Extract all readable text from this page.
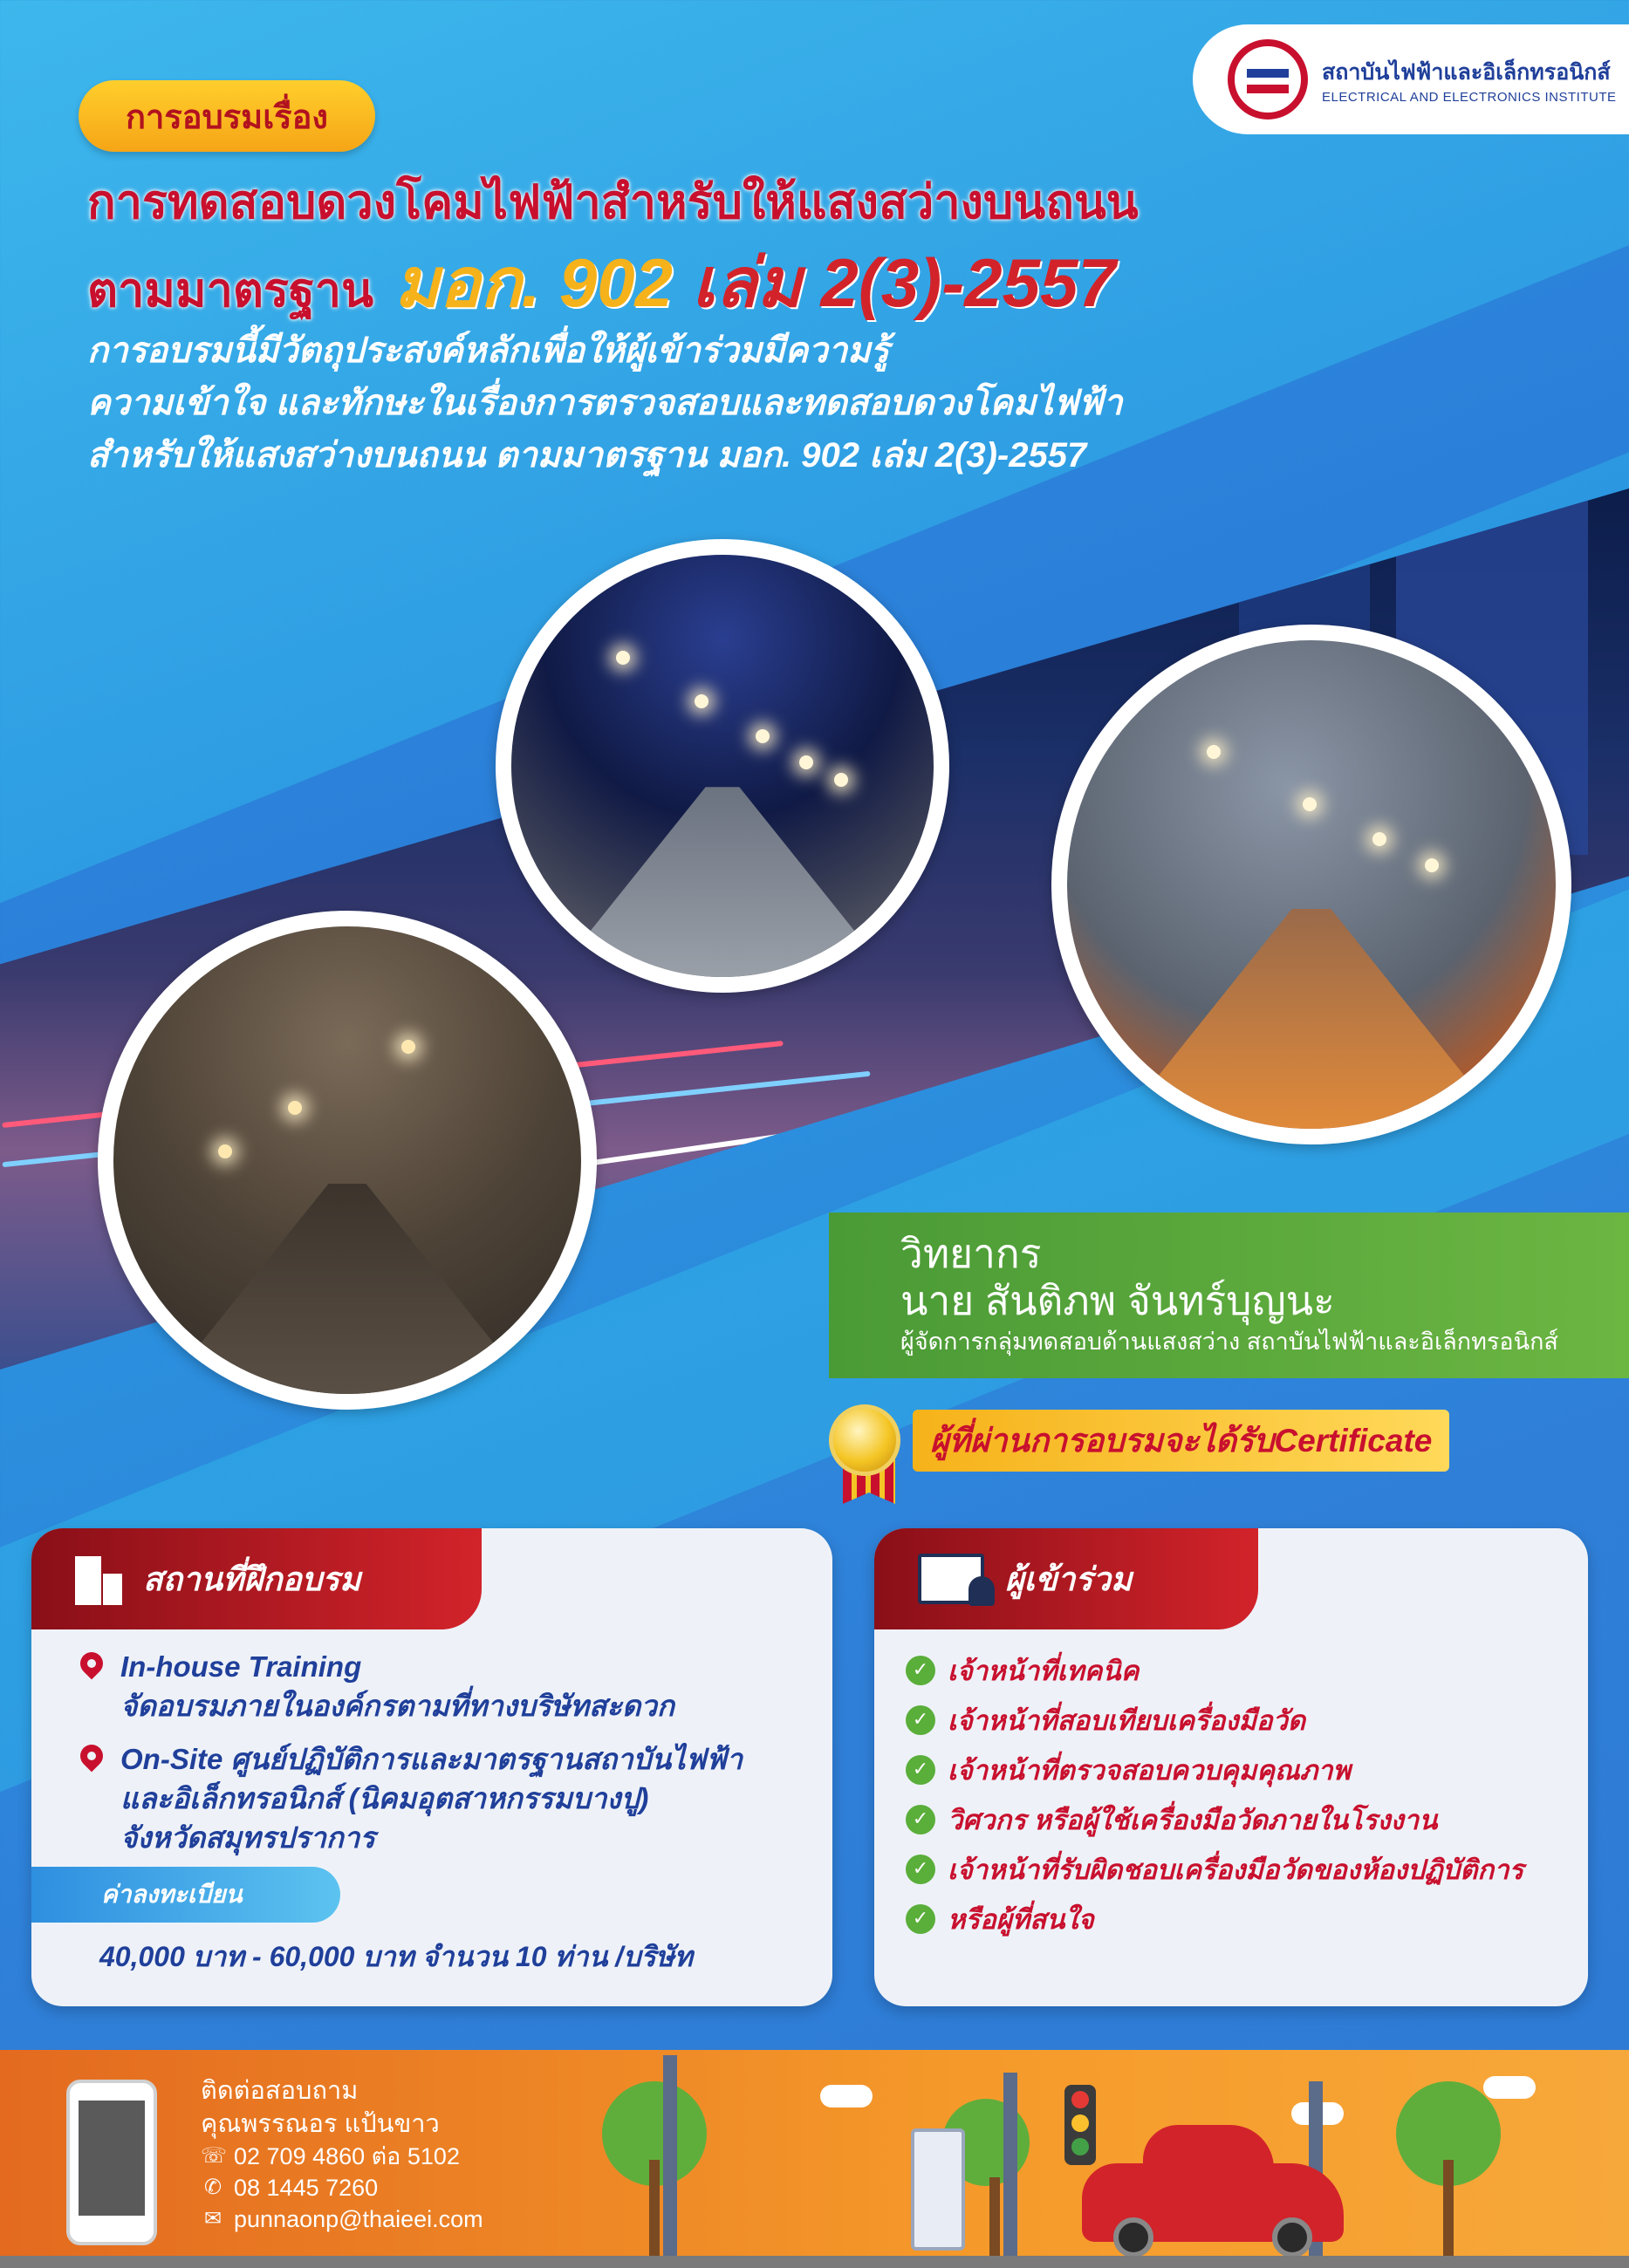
สถาบันไฟฟ้าและอิเล็กทรอนิกส์
ELECTRICAL AND ELECTRONICS INSTITUTE
การอบรมเรื่อง
การทดสอบดวงโคมไฟฟ้าสำหรับให้แสงสว่างบนถนน
ตามมาตรฐาน มอก. 902 เล่ม 2(3)-2557

การอบรมนี้มีวัตถุประสงค์หลักเพื่อให้ผู้เข้าร่วมมีความรู้

ความเข้าใจ และทักษะในเรื่องการตรวจสอบและทดสอบดวงโคมไฟฟ้า

สำหรับให้แสงสว่างบนถนน ตามมาตรฐาน มอก. 902 เล่ม 2(3)-2557

วิทยากร
นาย สันติภพ จันทร์บุญนะ
ผู้จัดการกลุ่มทดสอบด้านแสงสว่าง สถาบันไฟฟ้าและอิเล็กทรอนิกส์
ผู้ที่ผ่านการอบรมจะได้รับCertificate
สถานที่ฝึกอบรม

In-house Training

จัดอบรมภายในองค์กรตามที่ทางบริษัทสะดวก

On-Site ศูนย์ปฏิบัติการและมาตรฐานสถาบันไฟฟ้า

และอิเล็กทรอนิกส์ (นิคมอุตสาหกรรมบางปู)

จังหวัดสมุทรปราการ

ค่าลงทะเบียน
40,000 บาท - 60,000 บาท จำนวน 10 ท่าน /บริษัท
ผู้เข้าร่วม
✓ เจ้าหน้าที่เทคนิค
✓ เจ้าหน้าที่สอบเทียบเครื่องมือวัด
✓ เจ้าหน้าที่ตรวจสอบควบคุมคุณภาพ
✓ วิศวกร หรือผู้ใช้เครื่องมือวัดภายในโรงงาน
✓ เจ้าหน้าที่รับผิดชอบเครื่องมือวัดของห้องปฏิบัติการ
✓ หรือผู้ที่สนใจ
ติดต่อสอบถาม
คุณพรรณอร แป้นขาว
☏ 02 709 4860 ต่อ 5102
✆ 08 1445 7260
✉ punnaonp@thaieei.com
